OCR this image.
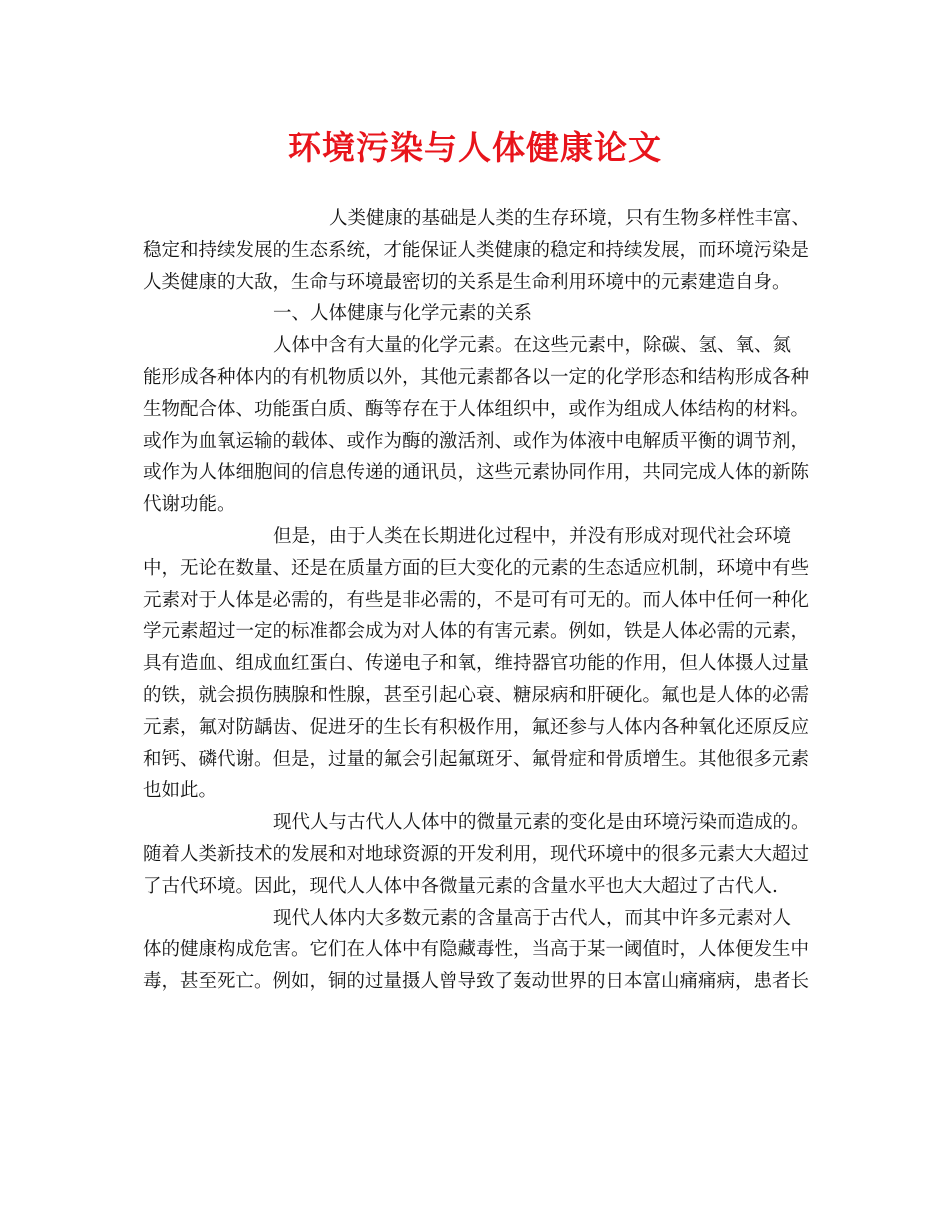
环境污染与人体健康论文
人类健康的基础是人类的生存环境，只有生物多样性丰富、
稳定和持续发展的生态系统，才能保证人类健康的稳定和持续发展，而环境污染是
人类健康的大敌，生命与环境最密切的关系是生命利用环境中的元素建造自身。
一、人体健康与化学元素的关系
人体中含有大量的化学元素。在这些元素中，除碳、氢、氧、氮
能形成各种体内的有机物质以外，其他元素都各以一定的化学形态和结构形成各种
生物配合体、功能蛋白质、酶等存在于人体组织中，或作为组成人体结构的材料。
或作为血氧运输的载体、或作为酶的激活剂、或作为体液中电解质平衡的调节剂，
或作为人体细胞间的信息传递的通讯员，这些元素协同作用，共同完成人体的新陈
代谢功能。
但是，由于人类在长期进化过程中，并没有形成对现代社会环境
中，无论在数量、还是在质量方面的巨大变化的元素的生态适应机制，环境中有些
元素对于人体是必需的，有些是非必需的，不是可有可无的。而人体中任何一种化
学元素超过一定的标准都会成为对人体的有害元素。例如，铁是人体必需的元素，
具有造血、组成血红蛋白、传递电子和氧，维持器官功能的作用，但人体摄人过量
的铁，就会损伤胰腺和性腺，甚至引起心衰、糖尿病和肝硬化。氟也是人体的必需
元素，氟对防龋齿、促进牙的生长有积极作用，氟还参与人体内各种氧化还原反应
和钙、磷代谢。但是，过量的氟会引起氟斑牙、氟骨症和骨质增生。其他很多元素
也如此。
现代人与古代人人体中的微量元素的变化是由环境污染而造成的。
随着人类新技术的发展和对地球资源的开发利用，现代环境中的很多元素大大超过
了古代环境。因此，现代人人体中各微量元素的含量水平也大大超过了古代人.
现代人体内大多数元素的含量高于古代人，而其中许多元素对人
体的健康构成危害。它们在人体中有隐藏毒性，当高于某一阈值时，人体便发生中
毒，甚至死亡。例如，铜的过量摄人曾导致了轰动世界的日本富山痛痛病，患者长
